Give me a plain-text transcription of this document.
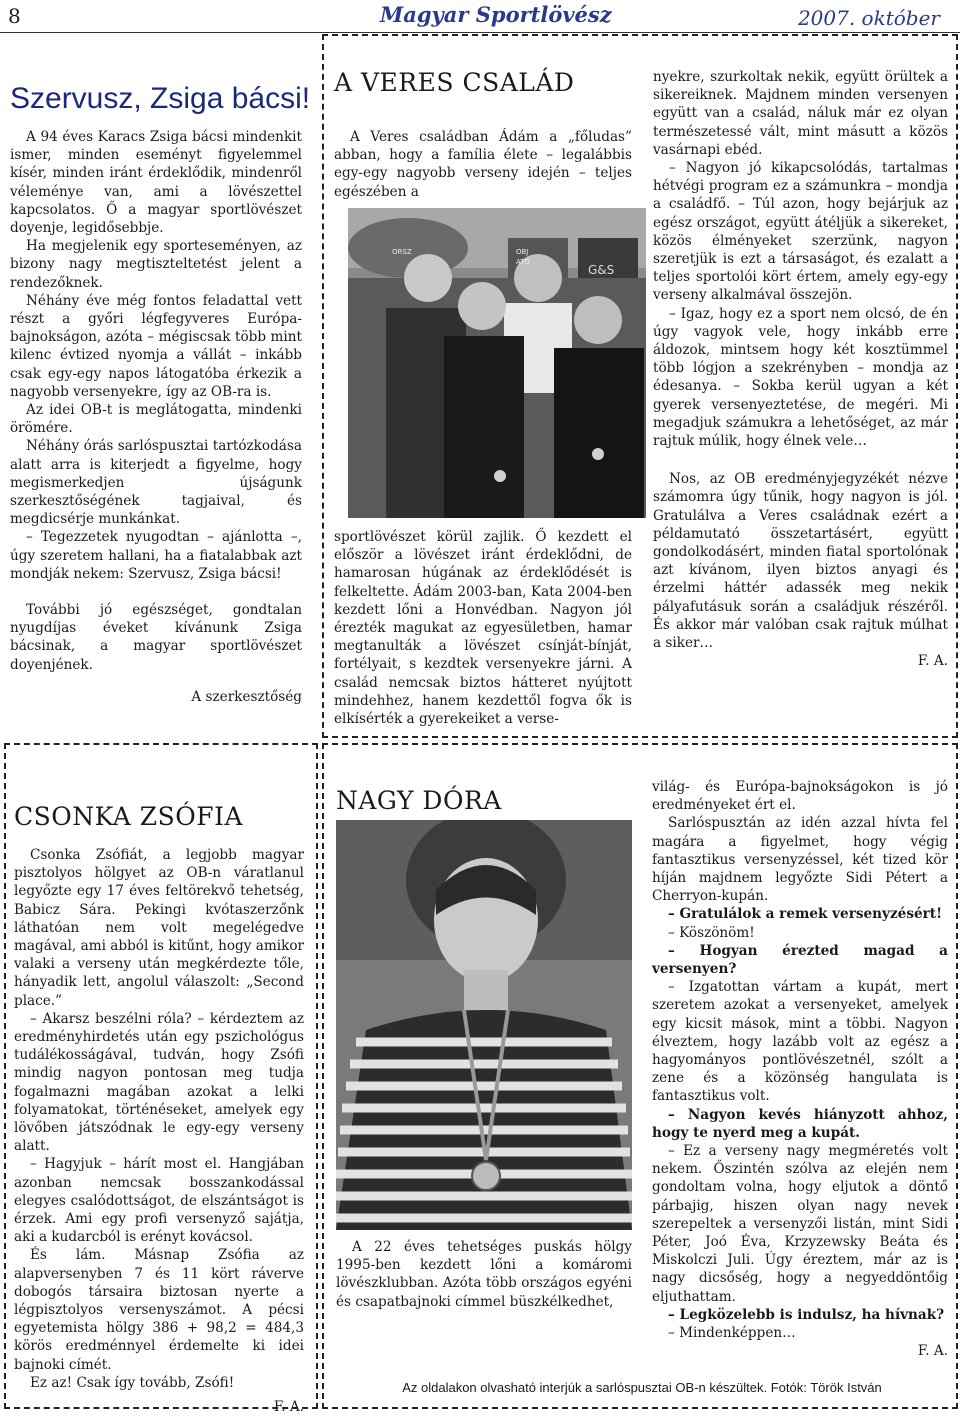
8	Magyar Sportlövész	2007. október
Szervusz, Zsiga bácsi!

A 94 éves Karacs Zsiga bácsi mindenkit ismer, minden eseményt figyelemmel kísér, minden iránt érdeklődik, mindenről véleménye van, ami a lövészettel kapcsolatos. Ő a magyar sportlövészet doyenje, legidősebbje.

Ha megjelenik egy sporteseményen, az bizony nagy megtiszteltetést jelent a rendezőknek.

Néhány éve még fontos feladattal vett részt a győri légfegyveres Európa-bajnokságon, azóta – mégiscsak több mint kilenc évtized nyomja a vállát – inkább csak egy-egy napos látogatóba érkezik a nagyobb versenyekre, így az OB-ra is.

Az idei OB-t is meglátogatta, mindenki örömére.

Néhány órás sarlóspusztai tartózkodása alatt arra is kiterjedt a figyelme, hogy megismerkedjen újságunk szerkesztőségének tagjaival, és megdicsérje munkánkat.

– Tegezzetek nyugodtan – ajánlotta –, úgy szeretem hallani, ha a fiatalabbak azt mondják nekem: Szervusz, Zsiga bácsi!

További jó egészséget, gondtalan nyugdíjas éveket kívánunk Zsiga bácsinak, a magyar sportlövészet doyenjének.

A szerkesztőség

A VERES CSALÁD

A Veres családban Ádám a „főludas” abban, hogy a família élete – legalábbis egy-egy nagyobb verseny idején – teljes egészében a

ORSZ	OBJ
ATÓ
G&S

sportlövészet körül zajlik. Ő kezdett el először a lövészet iránt érdeklődni, de hamarosan húgának az érdeklődését is felkeltette. Ádám 2003-ban, Kata 2004-ben kezdett lőni a Honvédban. Nagyon jól érezték magukat az egyesületben, hamar megtanulták a lövészet csínját-bínját, fortélyait, s kezdtek versenyekre járni. A család nemcsak biztos hátteret nyújtott mindehhez, hanem kezdettől fogva ők is elkísérték a gyerekeiket a verse-

nyekre, szurkoltak nekik, együtt örültek a sikereiknek. Majdnem minden versenyen együtt van a család, náluk már ez olyan természetessé vált, mint másutt a közös vasárnapi ebéd.

– Nagyon jó kikapcsolódás, tartalmas hétvégi program ez a számunkra – mondja a családfő. – Túl azon, hogy bejárjuk az egész országot, együtt átéljük a sikereket, közös élményeket szerzünk, nagyon szeretjük is ezt a társaságot, és ezalatt a teljes sportolói kört értem, amely egy-egy verseny alkalmával összejön.

– Igaz, hogy ez a sport nem olcsó, de én úgy vagyok vele, hogy inkább erre áldozok, mintsem hogy két kosztümmel több lógjon a szekrényben – mondja az édesanya. – Sokba kerül ugyan a két gyerek versenyeztetése, de megéri. Mi megadjuk számukra a lehetőséget, az már rajtuk múlik, hogy élnek vele…

Nos, az OB eredményjegyzékét nézve számomra úgy tűnik, hogy nagyon is jól. Gratulálva a Veres családnak ezért a példamutató összetartásért, együtt gondolkodásért, minden fiatal sportolónak azt kívánom, ilyen biztos anyagi és érzelmi háttér adassék meg nekik pályafutásuk során a családjuk részéről. És akkor már valóban csak rajtuk múlhat a siker…

F. A.

CSONKA ZSÓFIA

Csonka Zsófiát, a legjobb magyar pisztolyos hölgyet az OB-n váratlanul legyőzte egy 17 éves feltörekvő tehetség, Babicz Sára. Pekingi kvótaszerzőnk láthatóan nem volt megelégedve magával, ami abból is kitűnt, hogy amikor valaki a verseny után megkérdezte tőle, hányadik lett, angolul válaszolt: „Second place.”

– Akarsz beszélni róla? – kérdeztem az eredményhirdetés után egy pszichológus tudálékosságával, tudván, hogy Zsófi mindig nagyon pontosan meg tudja fogalmazni magában azokat a lelki folyamatokat, történéseket, amelyek egy lövőben játszódnak le egy-egy verseny alatt.

– Hagyjuk – hárít most el. Hangjában azonban nemcsak bosszankodással elegyes csalódottságot, de elszántságot is érzek. Ami egy profi versenyző sajátja, aki a kudarcból is erényt kovácsol.

És lám. Másnap Zsófia az alapversenyben 7 és 11 kört ráverve dobogós társaira biztosan nyerte a légpisztolyos versenyszámot. A pécsi egyetemista hölgy 386 + 98,2 = 484,3 körös eredménnyel érdemelte ki idei bajnoki címét.

Ez az! Csak így tovább, Zsófi!

F. A.

NAGY DÓRA

A 22 éves tehetséges puskás hölgy 1995-ben kezdett lőni a komáromi lövészklubban. Azóta több országos egyéni és csapatbajnoki címmel büszkélkedhet,

világ- és Európa-bajnokságokon is jó eredményeket ért el.

Sarlóspusztán az idén azzal hívta fel magára a figyelmet, hogy végig fantasztikus versenyzéssel, két tized kör híján majdnem legyőzte Sidi Pétert a Cherryon-kupán.

– Gratulálok a remek versenyzésért!

– Köszönöm!

– Hogyan érezted magad a versenyen?

– Izgatottan vártam a kupát, mert szeretem azokat a versenyeket, amelyek egy kicsit mások, mint a többi. Nagyon élveztem, hogy lazább volt az egész a hagyományos pontlövészetnél, szólt a zene és a közönség hangulata is fantasztikus volt.

– Nagyon kevés hiányzott ahhoz, hogy te nyerd meg a kupát.

– Ez a verseny nagy megméretés volt nekem. Őszintén szólva az elején nem gondoltam volna, hogy eljutok a döntő párbajig, hiszen olyan nagy nevek szerepeltek a versenyzői listán, mint Sidi Péter, Joó Éva, Krzyzewsky Beáta és Miskolczi Juli. Úgy éreztem, már az is nagy dicsőség, hogy a negyeddöntőig eljuthattam.

– Legközelebb is indulsz, ha hívnak?

– Mindenképpen…

F. A.

Az oldalakon olvasható interjúk a sarlóspusztai OB-n készültek. Fotók: Török István
